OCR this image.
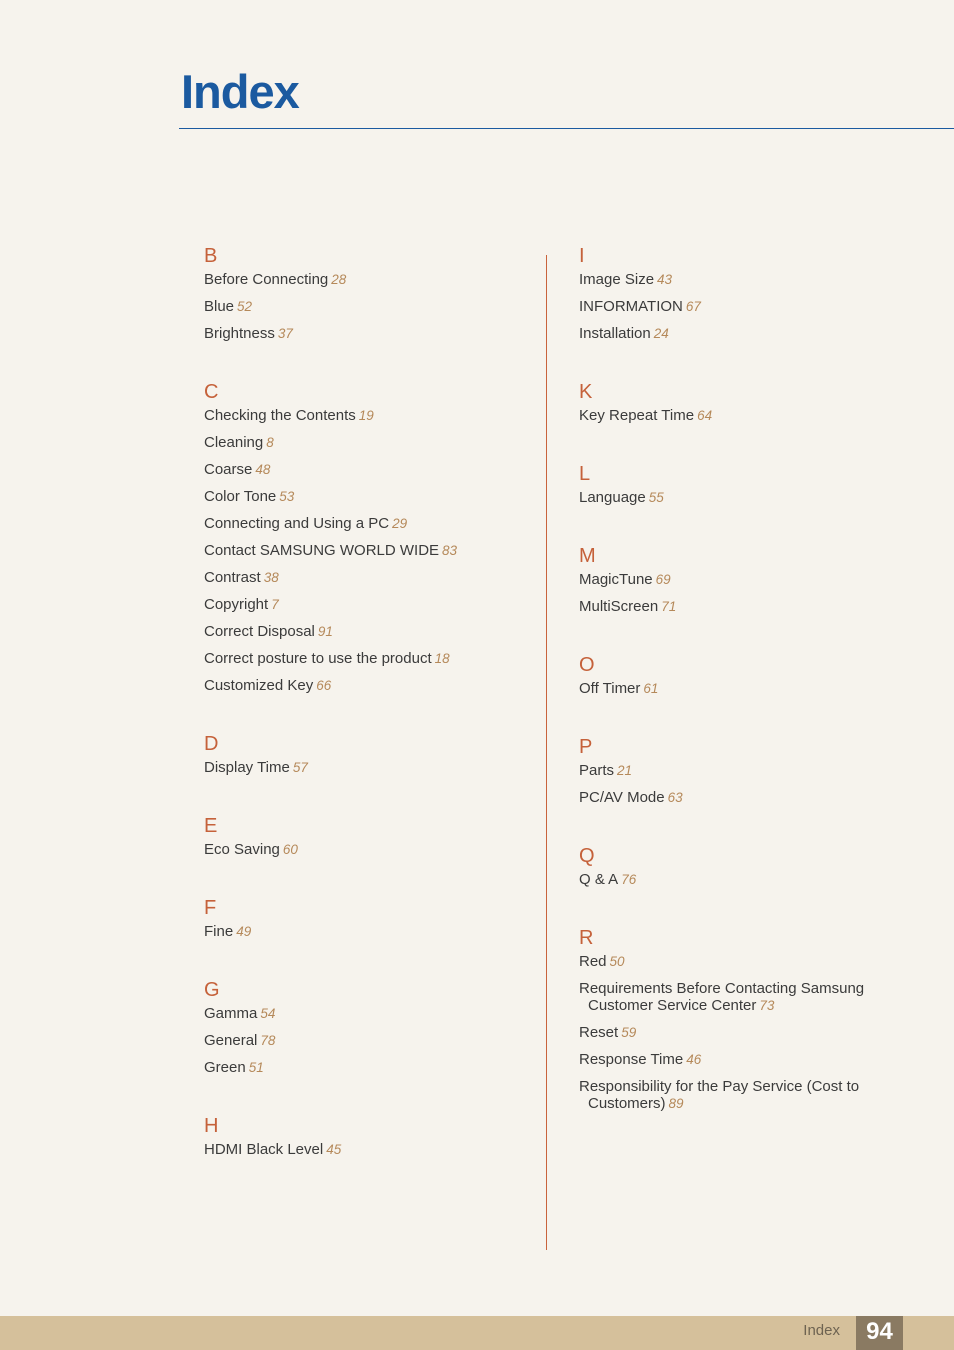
Index
B
Before Connecting 28
Blue 52
Brightness 37
C
Checking the Contents 19
Cleaning 8
Coarse 48
Color Tone 53
Connecting and Using a PC 29
Contact SAMSUNG WORLD WIDE 83
Contrast 38
Copyright 7
Correct Disposal 91
Correct posture to use the product 18
Customized Key 66
D
Display Time 57
E
Eco Saving 60
F
Fine 49
G
Gamma 54
General 78
Green 51
H
HDMI Black Level 45
I
Image Size 43
INFORMATION 67
Installation 24
K
Key Repeat Time 64
L
Language 55
M
MagicTune 69
MultiScreen 71
O
Off Timer 61
P
Parts 21
PC/AV Mode 63
Q
Q & A 76
R
Red 50
Requirements Before Contacting Samsung
Customer Service Center 73
Reset 59
Response Time 46
Responsibility for the Pay Service (Cost to
Customers) 89
Index	94
